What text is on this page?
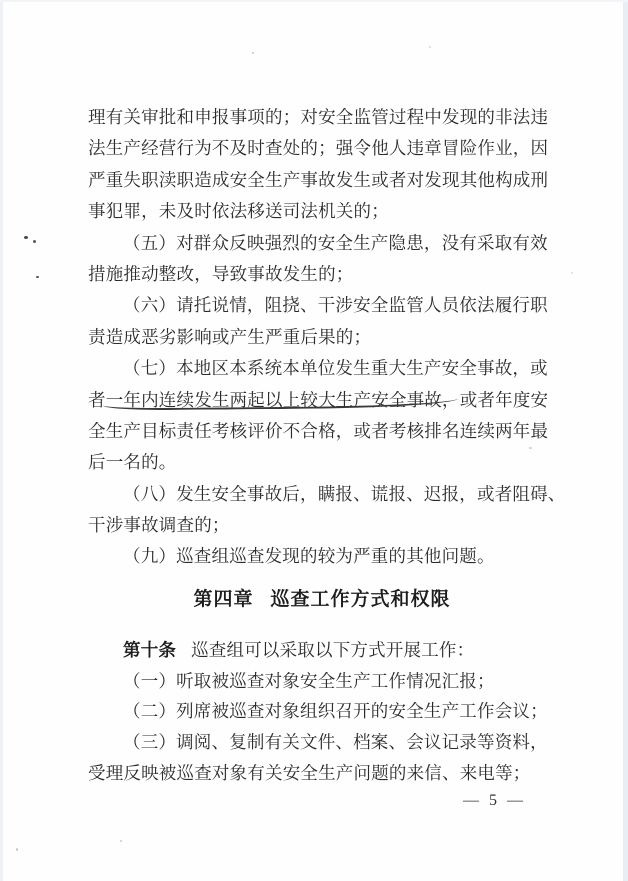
理有关审批和申报事项的；对安全监管过程中发现的非法违
法生产经营行为不及时查处的；强令他人违章冒险作业，因
严重失职渎职造成安全生产事故发生或者对发现其他构成刑
事犯罪，未及时依法移送司法机关的；
（五）对群众反映强烈的安全生产隐患，没有采取有效
措施推动整改，导致事故发生的；
（六）请托说情，阻挠、干涉安全监管人员依法履行职
责造成恶劣影响或产生严重后果的；
（七）本地区本系统本单位发生重大生产安全事故，或
者一年内连续发生两起以上较大生产安全事故，或者年度安
全生产目标责任考核评价不合格，或者考核排名连续两年最
后一名的。
（八）发生安全事故后，瞒报、谎报、迟报，或者阻碍、
干涉事故调查的；
（九）巡查组巡查发现的较为严重的其他问题。
第四章 巡查工作方式和权限
第十条 巡查组可以采取以下方式开展工作：
（一）听取被巡查对象安全生产工作情况汇报；
（二）列席被巡查对象组织召开的安全生产工作会议；
（三）调阅、复制有关文件、档案、会议记录等资料，
受理反映被巡查对象有关安全生产问题的来信、来电等；
— 5 —
